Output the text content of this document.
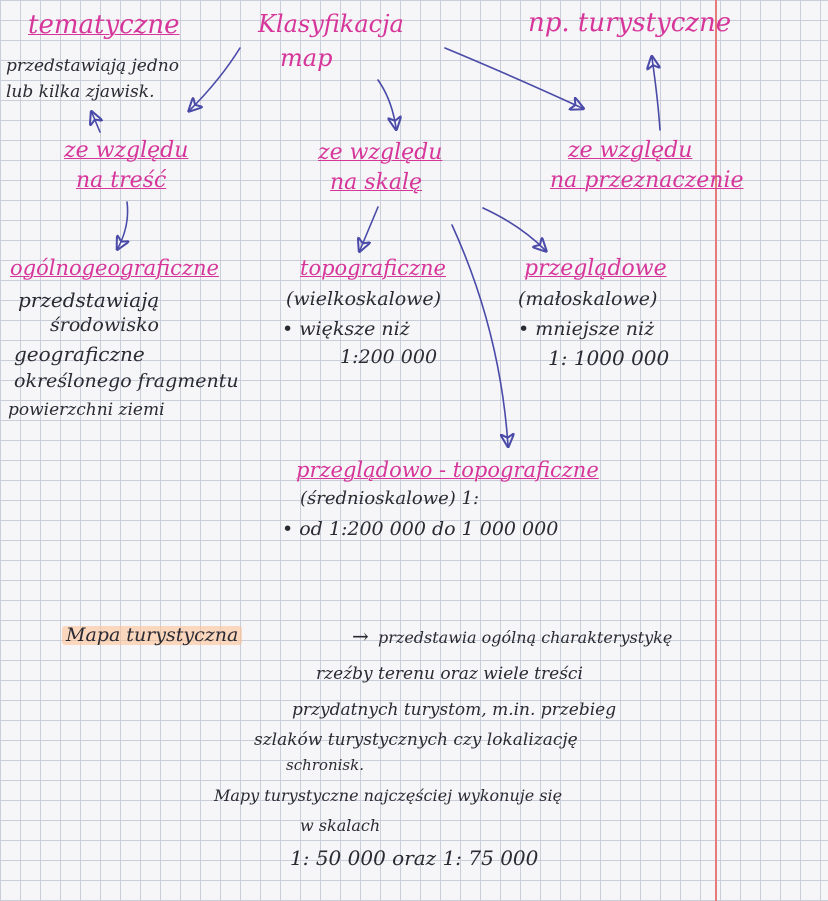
tematyczne
przedstawiają jedno
lub kilka zjawisk.
Klasyfikacja
map
np. turystyczne
ze względu
na treść
ze względu
na skalę
ze względu
na przeznaczenie
ogólnogeograficzne
przedstawiają
środowisko
geograficzne
określonego fragmentu
powierzchni ziemi
topograficzne
(wielkoskalowe)
• większe niż
1:200 000
przeglądowe
(małoskalowe)
• mniejsze niż
1: 1000 000
przeglądowo - topograficzne
(średnioskalowe) 1:
• od 1:200 000 do 1 000 000
Mapa turystyczna	→ przedstawia ogólną charakterystykę
rzeźby terenu oraz wiele treści
przydatnych turystom, m.in. przebieg
szlaków turystycznych czy lokalizację
schronisk.
Mapy turystyczne najczęściej wykonuje się
w skalach
1: 50 000 oraz 1: 75 000
